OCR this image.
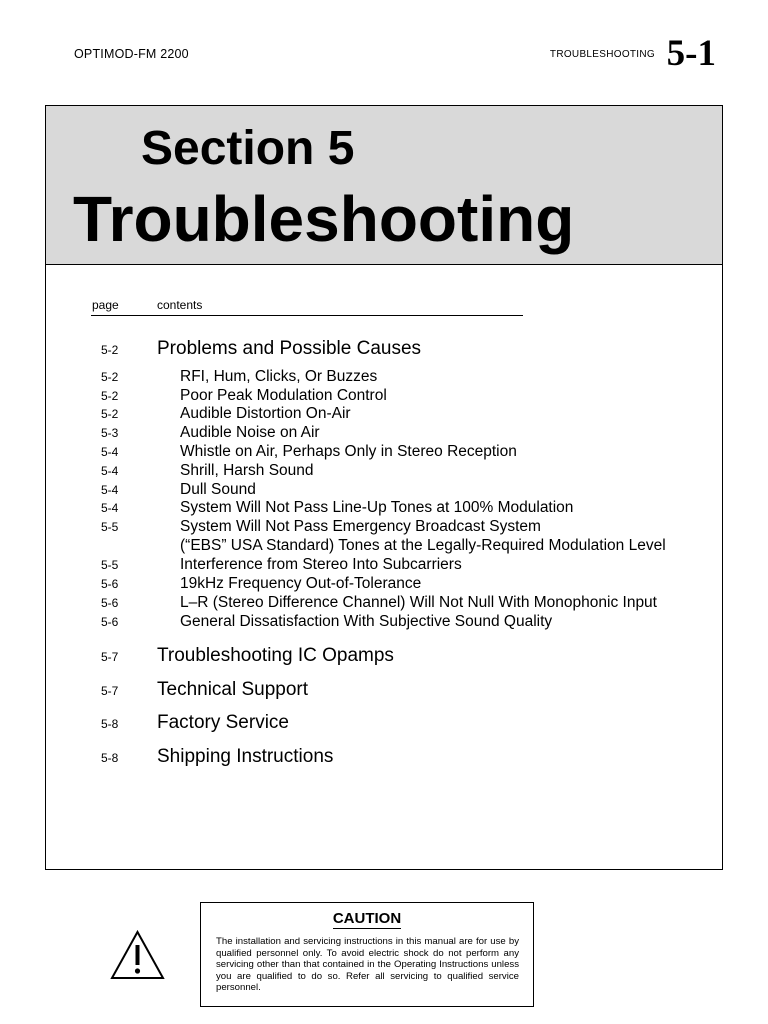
OPTIMOD-FM 2200	TROUBLESHOOTING 5-1
Section 5
Troubleshooting
page	contents
5-2	Problems and Possible Causes
5-2	RFI, Hum, Clicks, Or Buzzes
5-2	Poor Peak Modulation Control
5-2	Audible Distortion On-Air
5-3	Audible Noise on Air
5-4	Whistle on Air, Perhaps Only in Stereo Reception
5-4	Shrill, Harsh Sound
5-4	Dull Sound
5-4	System Will Not Pass Line-Up Tones at 100% Modulation
5-5	System Will Not Pass Emergency Broadcast System
(“EBS” USA Standard) Tones at the Legally-Required Modulation Level
5-5	Interference from Stereo Into Subcarriers
5-6	19kHz Frequency Out-of-Tolerance
5-6	L–R (Stereo Difference Channel) Will Not Null With Monophonic Input
5-6	General Dissatisfaction With Subjective Sound Quality
5-7	Troubleshooting IC Opamps
5-7	Technical Support
5-8	Factory Service
5-8	Shipping Instructions
CAUTION
The installation and servicing instructions in this manual are for use by qualified personnel only. To avoid electric shock do not perform any servicing other than that contained in the Operating Instructions unless you are qualified to do so. Refer all servicing to qualified service personnel.
